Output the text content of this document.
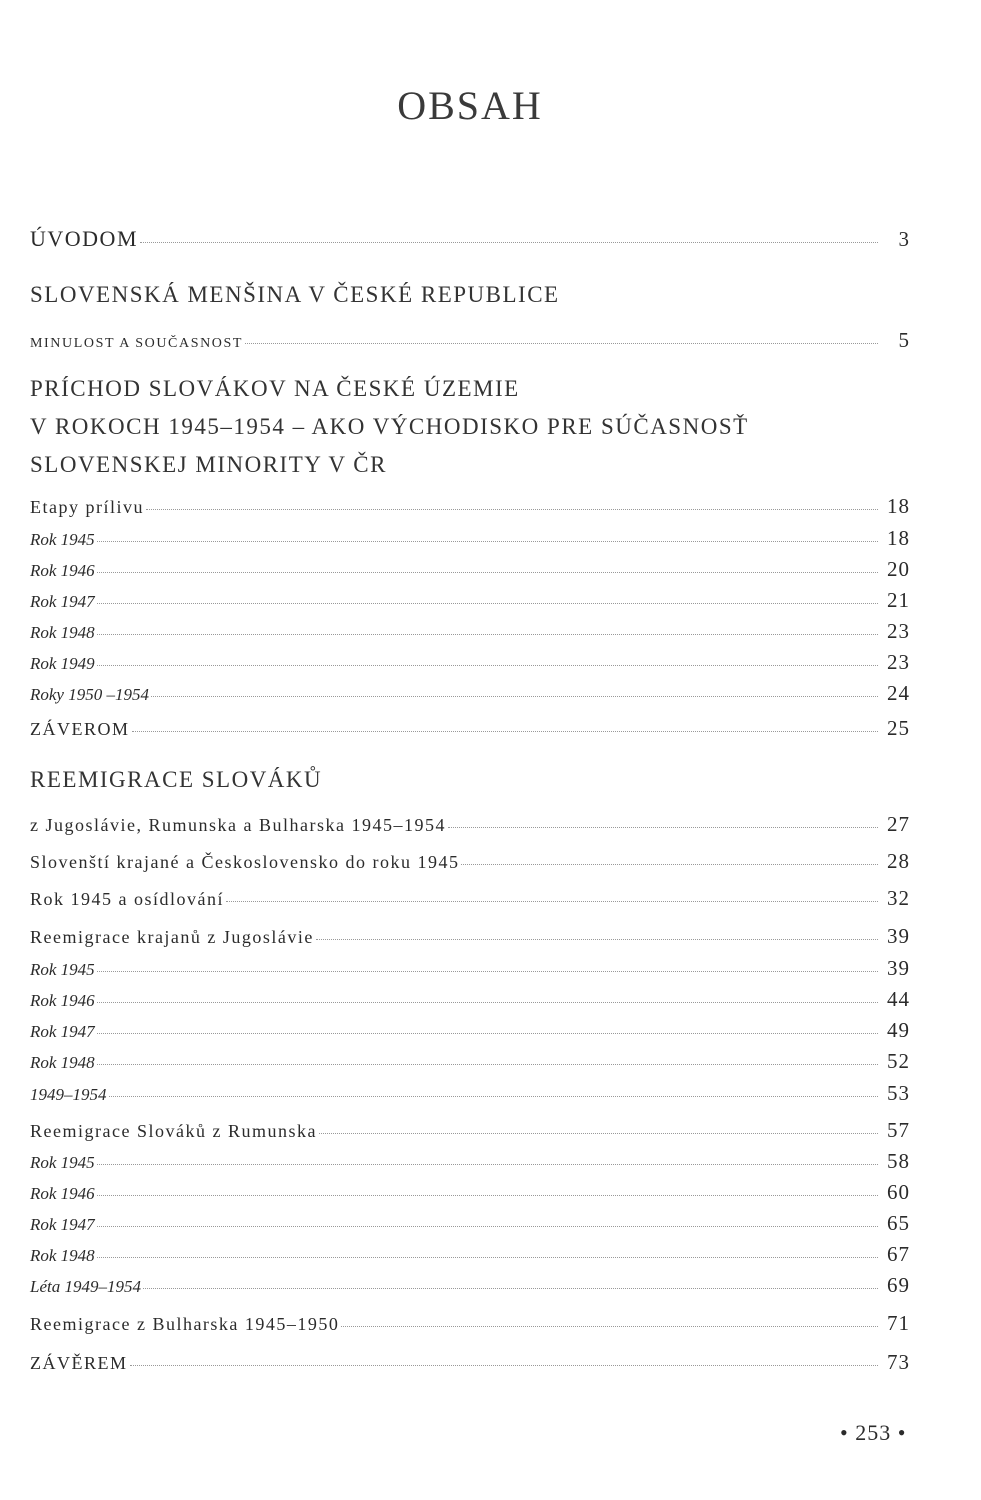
OBSAH
ÚVODOM	3
SLOVENSKÁ MENŠINA V ČESKÉ REPUBLICE
MINULOST A SOUČASNOST	5
PRÍCHOD SLOVÁKOV NA ČESKÉ ÚZEMIE
V ROKOCH 1945–1954 – AKO VÝCHODISKO PRE SÚČASNOSŤ
SLOVENSKEJ MINORITY V ČR
Etapy prílivu	18
Rok 1945	18
Rok 1946	20
Rok 1947	21
Rok 1948	23
Rok 1949	23
Roky 1950 –1954	24
ZÁVEROM	25
REEMIGRACE SLOVÁKŮ
z Jugoslávie, Rumunska a Bulharska 1945–1954	27
Slovenští krajané a Československo do roku 1945	28
Rok 1945 a osídlování	32
Reemigrace krajanů z Jugoslávie	39
Rok 1945	39
Rok 1946	44
Rok 1947	49
Rok 1948	52
1949–1954	53
Reemigrace Slováků z Rumunska	57
Rok 1945	58
Rok 1946	60
Rok 1947	65
Rok 1948	67
Léta 1949–1954	69
Reemigrace z Bulharska 1945–1950	71
ZÁVĚREM	73
• 253 •
